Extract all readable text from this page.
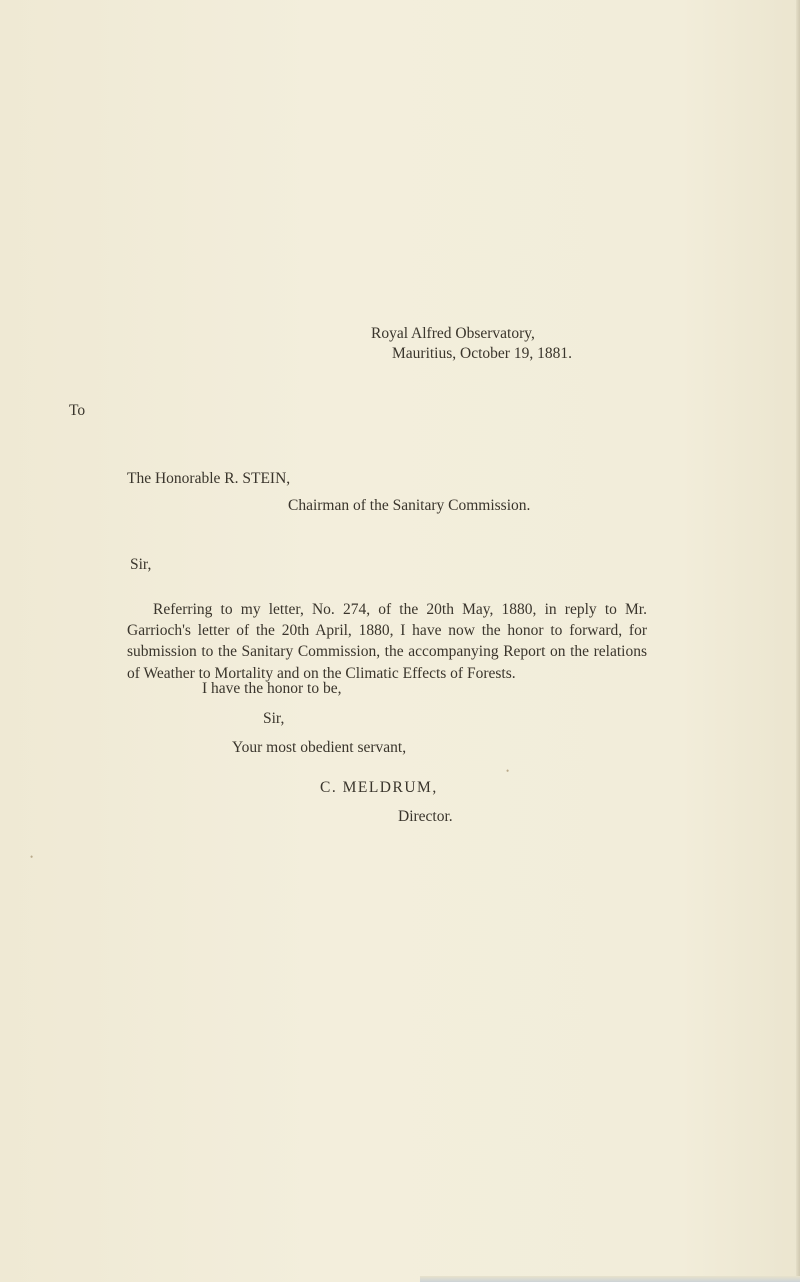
Royal Alfred Observatory,
Mauritius, October 19, 1881.
To
The Honorable R. STEIN,
Chairman of the Sanitary Commission.
Sir,
Referring to my letter, No. 274, of the 20th May, 1880, in reply to Mr. Garrioch's letter of the 20th April, 1880, I have now the honor to forward, for submission to the Sanitary Commission, the accompanying Report on the relations of Weather to Mortality and on the Climatic Effects of Forests.
I have the honor to be,
Sir,
Your most obedient servant,
C. MELDRUM,
Director.
•
•
